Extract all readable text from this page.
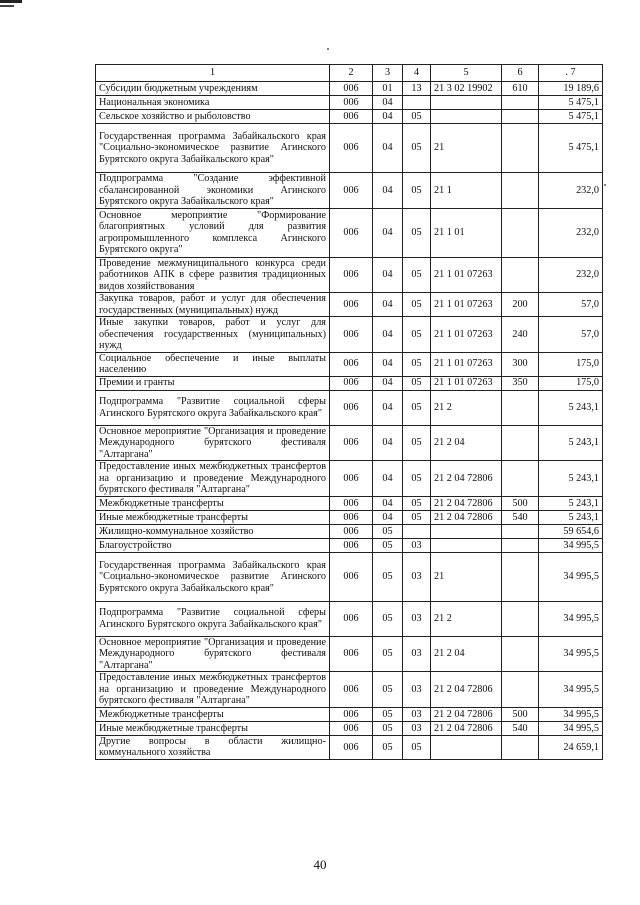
1	2	3	4	5	6	. 7
Субсидии бюджетным учреждениям	006	01	13	21 3 02 19902	610	19 189,6
Национальная экономика	006	04				5 475,1
Сельское хозяйство и рыболовство	006	04	05			5 475,1
Государственная программа Забайкальского края "Социально-экономическое развитие Агинского Бурятского округа Забайкальского края"	006	04	05	21		5 475,1
Подпрограмма "Создание эффективной сбалансированной экономики Агинского Бурятского округа Забайкальского края"	006	04	05	21 1		232,0
Основное мероприятие "Формирование благоприятных условий для развития агропромышленного комплекса Агинского Бурятского округа"	006	04	05	21 1 01		232,0
Проведение межмуниципального конкурса среди работников АПК в сфере развития традиционных видов хозяйствования	006	04	05	21 1 01 07263		232,0
Закупка товаров, работ и услуг для обеспечения государственных (муниципальных) нужд	006	04	05	21 1 01 07263	200	57,0
Иные закупки товаров, работ и услуг для обеспечения государственных (муниципальных) нужд	006	04	05	21 1 01 07263	240	57,0
Социальное обеспечение и иные выплаты населению	006	04	05	21 1 01 07263	300	175,0
Премии и гранты	006	04	05	21 1 01 07263	350	175,0
Подпрограмма "Развитие социальной сферы Агинского Бурятского округа Забайкальского края"	006	04	05	21 2		5 243,1
Основное мероприятие "Организация и проведение Международного бурятского фестиваля "Алтаргана"	006	04	05	21 2 04		5 243,1
Предоставление иных межбюджетных трансфертов на организацию и проведение Международного бурятского фестиваля "Алтаргана"	006	04	05	21 2 04 72806		5 243,1
Межбюджетные трансферты	006	04	05	21 2 04 72806	500	5 243,1
Иные межбюджетные трансферты	006	04	05	21 2 04 72806	540	5 243,1
Жилищно-коммунальное хозяйство	006	05				59 654,6
Благоустройство	006	05	03			34 995,5
Государственная программа Забайкальского края "Социально-экономическое развитие Агинского Бурятского округа Забайкальского края"	006	05	03	21		34 995,5
Подпрограмма "Развитие социальной сферы Агинского Бурятского округа Забайкальского края"	006	05	03	21 2		34 995,5
Основное мероприятие "Организация и проведение Международного бурятского фестиваля "Алтаргана"	006	05	03	21 2 04		34 995,5
Предоставление иных межбюджетных трансфертов на организацию и проведение Международного бурятского фестиваля "Алтаргана"	006	05	03	21 2 04 72806		34 995,5
Межбюджетные трансферты	006	05	03	21 2 04 72806	500	34 995,5
Иные межбюджетные трансферты	006	05	03	21 2 04 72806	540	34 995,5
Другие вопросы в области жилищно-коммунального хозяйства	006	05	05			24 659,1
40
